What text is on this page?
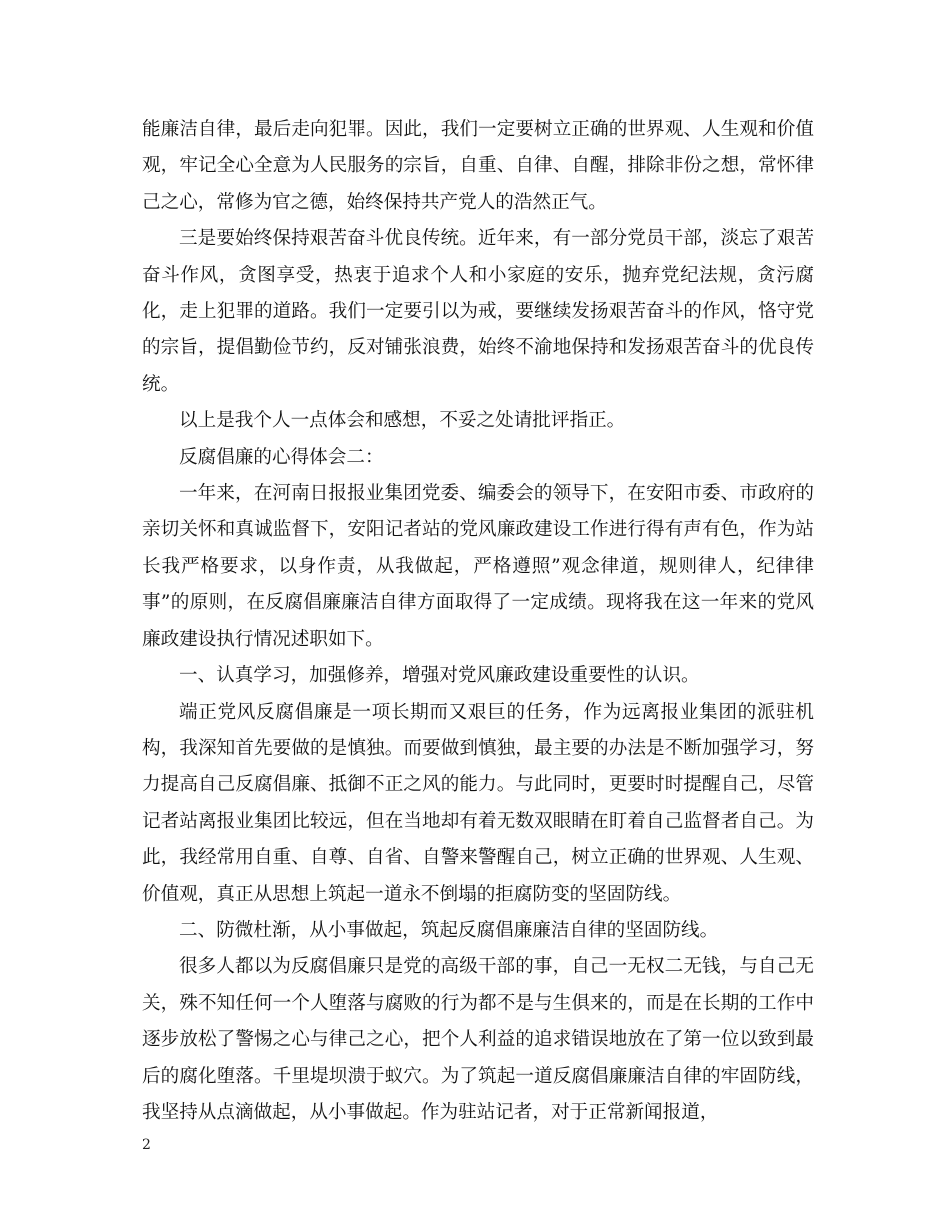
能廉洁自律，最后走向犯罪。因此，我们一定要树立正确的世界观、人生观和价值观，牢记全心全意为人民服务的宗旨，自重、自律、自醒，排除非份之想，常怀律己之心，常修为官之德，始终保持共产党人的浩然正气。

三是要始终保持艰苦奋斗优良传统。近年来，有一部分党员干部，淡忘了艰苦奋斗作风，贪图享受，热衷于追求个人和小家庭的安乐，抛弃党纪法规，贪污腐化，走上犯罪的道路。我们一定要引以为戒，要继续发扬艰苦奋斗的作风，恪守党的宗旨，提倡勤俭节约，反对铺张浪费，始终不渝地保持和发扬艰苦奋斗的优良传统。

以上是我个人一点体会和感想，不妥之处请批评指正。

反腐倡廉的心得体会二：

一年来，在河南日报报业集团党委、编委会的领导下，在安阳市委、市政府的亲切关怀和真诚监督下，安阳记者站的党风廉政建设工作进行得有声有色，作为站长我严格要求，以身作责，从我做起，严格遵照”观念律道，规则律人，纪律律事”的原则，在反腐倡廉廉洁自律方面取得了一定成绩。现将我在这一年来的党风廉政建设执行情况述职如下。

一、认真学习，加强修养，增强对党风廉政建设重要性的认识。

端正党风反腐倡廉是一项长期而又艰巨的任务，作为远离报业集团的派驻机构，我深知首先要做的是慎独。而要做到慎独，最主要的办法是不断加强学习，努力提高自己反腐倡廉、抵御不正之风的能力。与此同时，更要时时提醒自己，尽管记者站离报业集团比较远，但在当地却有着无数双眼睛在盯着自己监督者自己。为此，我经常用自重、自尊、自省、自警来警醒自己，树立正确的世界观、人生观、价值观，真正从思想上筑起一道永不倒塌的拒腐防变的坚固防线。

二、防微杜渐，从小事做起，筑起反腐倡廉廉洁自律的坚固防线。

很多人都以为反腐倡廉只是党的高级干部的事，自己一无权二无钱，与自己无关，殊不知任何一个人堕落与腐败的行为都不是与生俱来的，而是在长期的工作中逐步放松了警惕之心与律己之心，把个人利益的追求错误地放在了第一位以致到最后的腐化堕落。千里堤坝溃于蚁穴。为了筑起一道反腐倡廉廉洁自律的牢固防线，我坚持从点滴做起，从小事做起。作为驻站记者，对于正常新闻报道，

2
